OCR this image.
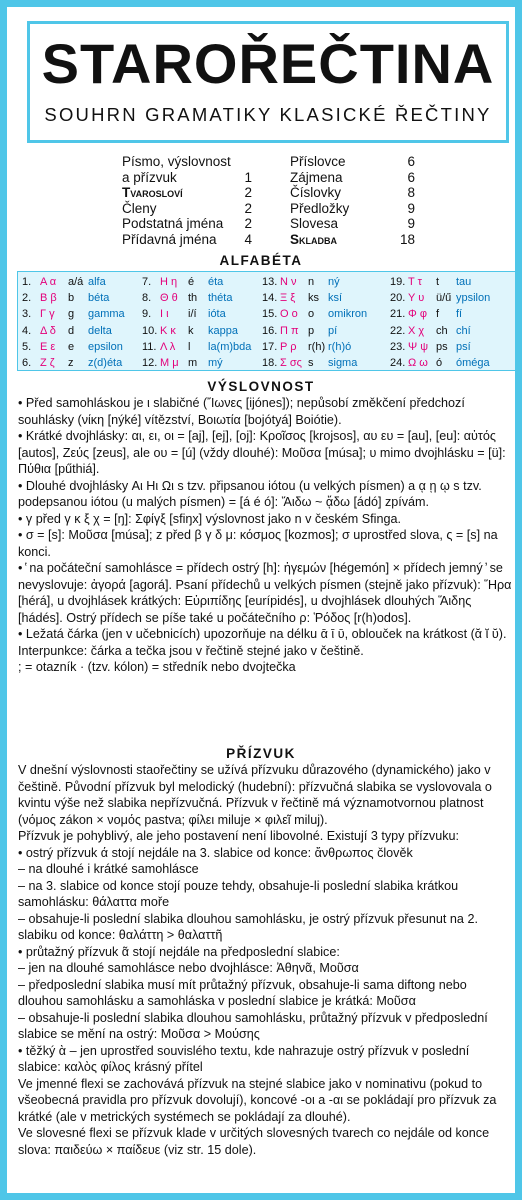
STAROŘEČTINA
SOUHRN GRAMATIKY KLASICKÉ ŘEČTINY
Písmo, výslovnost
a přízvuk	1
Tvarosloví	2
Členy	2
Podstatná jména	2
Přídavná jména	4
Příslovce	6
Zájmena	6
Číslovky	8
Předložky	9
Slovesa	9
Skladba	18
ALFABÉTA
1. Α α a/á alfa
2. Β β b béta
3. Γ γ g gamma
4. Δ δ d delta
5. Ε ε e epsilon
6. Ζ ζ z z(d)éta
7. Η η é éta
8. Θ θ th théta
9. Ι ι i/í ióta
10. Κ κ k kappa
11. Λ λ l la(m)bda
12. Μ μ m mý
13. Ν ν n ný
14. Ξ ξ ks ksí
15. Ο ο o omikron
16. Π π p pí
17. Ρ ρ r(h) r(h)ó
18. Σ σς s sigma
19. Τ τ t tau
20. Υ υ ü/ű ypsilon
21. Φ φ f fí
22. Χ χ ch chí
23. Ψ ψ ps psí
24. Ω ω ó óméga
VÝSLOVNOST

• Před samohláskou je ι slabičné (Ἴωνες [ijónes]); nepůsobí změkčení předchozí souhlásky (νίκη [nýké] vítězství, Βοιωτία [bojótyá] Boiótie).

• Krátké dvojhlásky: αι, ει, οι = [aj], [ej], [oj]: Κροῖσος [krojsos], αυ ευ = [au], [eu]: αὐτός [autos], Ζεύς [zeus], ale ου = [ú] (vždy dlouhé): Μοῦσα [músa]; υ mimo dvojhlásku = [ü]: Πύθια [pűthiá].

• Dlouhé dvojhlásky Αι Ηι Ωι s tzv. připsanou iótou (u velkých písmen) a ᾳ ῃ ῳ s tzv. podepsanou iótou (u malých písmen) = [á é ó]: Ἅιδω ~ ᾄδω [ádó] zpívám.

• γ před γ κ ξ χ = [ŋ]: Σφίγξ [sfiŋx] výslovnost jako n v českém Sfinga.

• σ = [s]: Μοῦσα [músa]; z před β γ δ μ: κόσμος [kozmos]; σ uprostřed slova, ς = [s] na konci.

• ̔ na počáteční samohlásce = přídech ostrý [h]: ἡγεμών [hégemón] × přídech jemný ̓ se nevyslovuje: ἀγορά [agorá]. Psaní přídechů u velkých písmen (stejně jako přízvuk): Ἥρα [hérá], u dvojhlásek krátkých: Εὐριπίδης [eurípidés], u dvojhlásek dlouhých Ἅιδης [hádés]. Ostrý přídech se píše také u počátečního ρ: Ῥόδος [r(h)odos].

• Ležatá čárka (jen v učebnicích) upozorňuje na délku ᾱ ῑ ῡ, oblouček na krátkost (ᾰ ῐ ῠ).

Interpunkce: čárka a tečka jsou v řečtině stejné jako v češtině.

; = otazník · (tzv. kólon) = středník nebo dvojtečka

PŘÍZVUK

V dnešní výslovnosti staořečtiny se užívá přízvuku důrazového (dynamického) jako v češtině. Původní přízvuk byl melodický (hudební): přízvučná slabika se vyslovovala o kvintu výše než slabika nepřízvučná. Přízvuk v řečtině má významotvornou platnost (νόμος zákon × νομός pastva; φίλει miluje × φιλεῖ miluj).

Přízvuk je pohyblivý, ale jeho postavení není libovolné. Existují 3 typy přízvuku:

• ostrý přízvuk ά stojí nejdále na 3. slabice od konce: ἄνθρωπος člověk

– na dlouhé i krátké samohlásce

– na 3. slabice od konce stojí pouze tehdy, obsahuje-li poslední slabika krátkou samohlásku: θάλαττα moře

– obsahuje-li poslední slabika dlouhou samohlásku, je ostrý přízvuk přesunut na 2. slabiku od konce: θαλάττη > θαλαττῆ

• průtažný přízvuk ᾶ stojí nejdále na předposlední slabice:

– jen na dlouhé samohlásce nebo dvojhlásce: Ἀθηνᾶ, Μοῦσα

– předposlední slabika musí mít průtažný přízvuk, obsahuje-li sama diftong nebo dlouhou samohlásku a samohláska v poslední slabice je krátká: Μοῦσα

– obsahuje-li poslední slabika dlouhou samohlásku, průtažný přízvuk v předposlední slabice se mění na ostrý: Μοῦσα > Μούσης

• těžký ὰ – jen uprostřed souvislého textu, kde nahrazuje ostrý přízvuk v poslední slabice: καλὸς φίλος krásný přítel

Ve jmenné flexi se zachovává přízvuk na stejné slabice jako v nominativu (pokud to všeobecná pravidla pro přízvuk dovolují), koncové -οι a -αι se pokládají pro přízvuk za krátké (ale v metrických systémech se pokládají za dlouhé).

Ve slovesné flexi se přízvuk klade v určitých slovesných tvarech co nejdále od konce slova: παιδεύω × παίδευε (viz str. 15 dole).
